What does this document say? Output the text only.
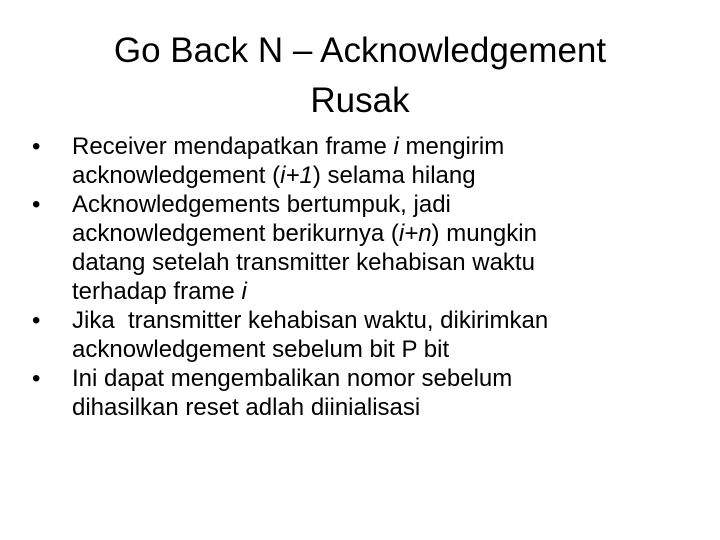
Go Back N – Acknowledgement
Rusak
•	Receiver mendapatkan frame i mengirim
acknowledgement (i+1) selama hilang
•	Acknowledgements bertumpuk, jadi
acknowledgement berikurnya (i+n) mungkin
datang setelah transmitter kehabisan waktu
terhadap frame i
•	Jika  transmitter kehabisan waktu, dikirimkan
acknowledgement sebelum bit P bit
•	Ini dapat mengembalikan nomor sebelum
dihasilkan reset adlah diinialisasi
